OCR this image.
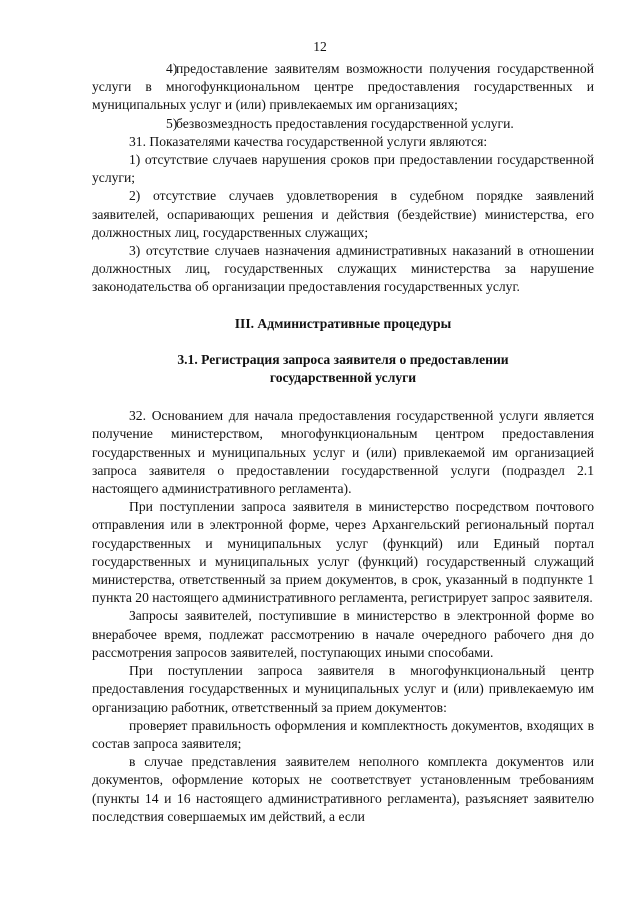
12

4)предоставление заявителям возможности получения государственной услуги в многофункциональном центре предоставления государственных и муниципальных услуг и (или) привлекаемых им организациях;

5)безвозмездность предоставления государственной услуги.

31. Показателями качества государственной услуги являются:

1) отсутствие случаев нарушения сроков при предоставлении государственной услуги;

2) отсутствие случаев удовлетворения в судебном порядке заявлений заявителей, оспаривающих решения и действия (бездействие) министерства, его должностных лиц, государственных служащих;

3) отсутствие случаев назначения административных наказаний в отношении должностных лиц, государственных служащих министерства за нарушение законодательства об организации предоставления государственных услуг.

III. Административные процедуры
3.1. Регистрация запроса заявителя о предоставлении
государственной услуги

32. Основанием для начала предоставления государственной услуги является получение министерством, многофункциональным центром предоставления государственных и муниципальных услуг и (или) привлекаемой им организацией запроса заявителя о предоставлении государственной услуги (подраздел 2.1 настоящего административного регламента).

При поступлении запроса заявителя в министерство посредством почтового отправления или в электронной форме, через Архангельский региональный портал государственных и муниципальных услуг (функций) или Единый портал государственных и муниципальных услуг (функций) государственный служащий министерства, ответственный за прием документов, в срок, указанный в подпункте 1 пункта 20 настоящего административного регламента, регистрирует запрос заявителя.

Запросы заявителей, поступившие в министерство в электронной форме во внерабочее время, подлежат рассмотрению в начале очередного рабочего дня до рассмотрения запросов заявителей, поступающих иными способами.

При поступлении запроса заявителя в многофункциональный центр предоставления государственных и муниципальных услуг и (или) привлекаемую им организацию работник, ответственный за прием документов:

проверяет правильность оформления и комплектность документов, входящих в состав запроса заявителя;

в случае представления заявителем неполного комплекта документов или документов, оформление которых не соответствует установленным требованиям (пункты 14 и 16 настоящего административного регламента), разъясняет заявителю последствия совершаемых им действий, а если
